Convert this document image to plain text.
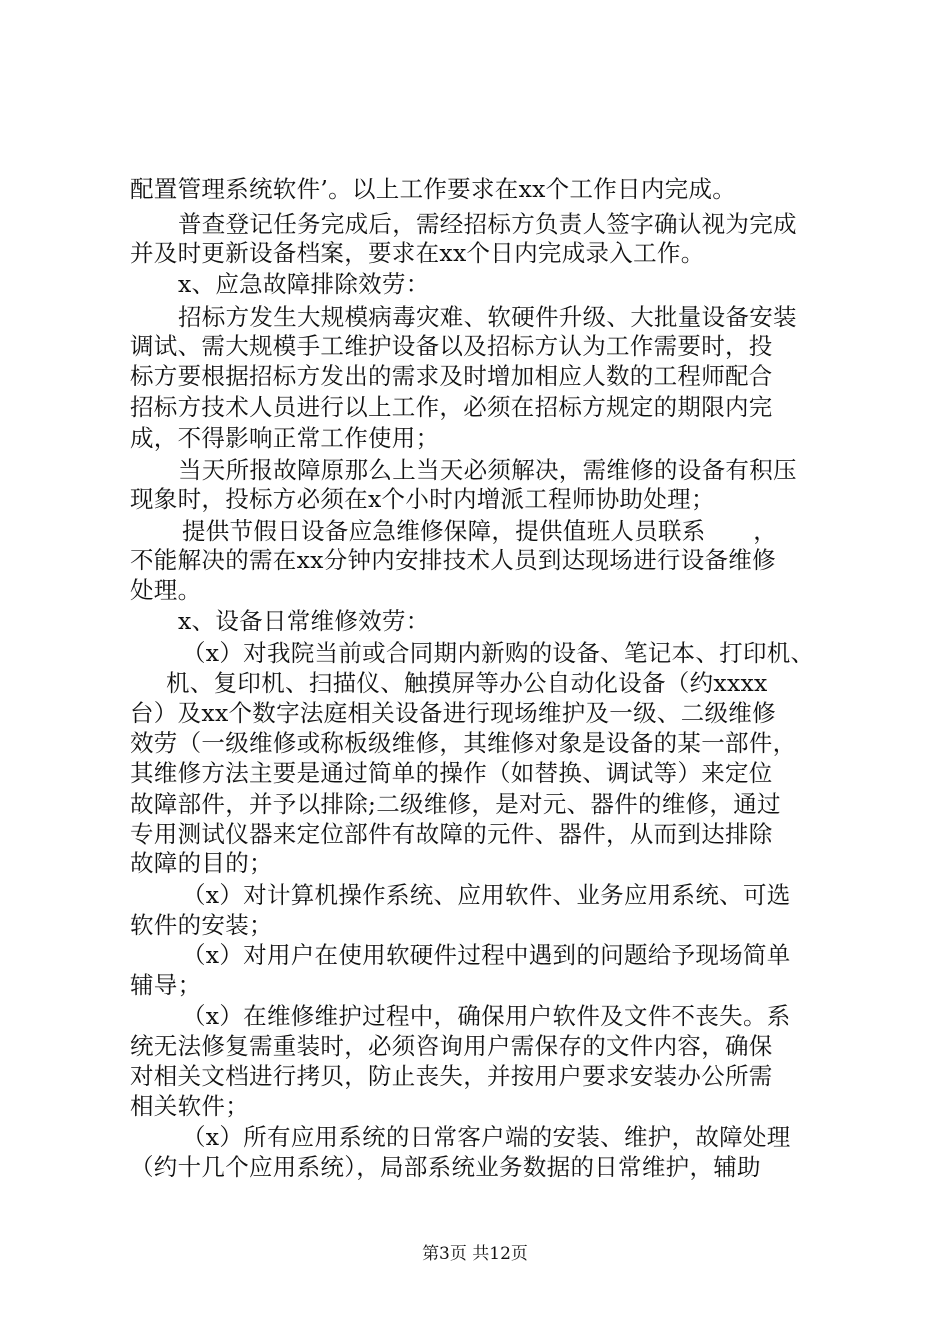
配置管理系统软件’。以上工作要求在xx个工作日内完成。
普查登记任务完成后，需经招标方负责人签字确认视为完成
并及时更新设备档案，要求在xx个日内完成录入工作。
x、应急故障排除效劳：
招标方发生大规模病毒灾难、软硬件升级、大批量设备安装
调试、需大规模手工维护设备以及招标方认为工作需要时，投
标方要根据招标方发出的需求及时增加相应人数的工程师配合
招标方技术人员进行以上工作，必须在招标方规定的期限内完
成，不得影响正常工作使用；
当天所报故障原那么上当天必须解决，需维修的设备有积压
现象时，投标方必须在x个小时内增派工程师协助处理；
提供节假日设备应急维修保障，提供值班人员联系　　，
不能解决的需在xx分钟内安排技术人员到达现场进行设备维修
处理。
x、设备日常维修效劳：
（x）对我院当前或合同期内新购的设备、笔记本、打印机、
机、复印机、扫描仪、触摸屏等办公自动化设备（约xxxx
台）及xx个数字法庭相关设备进行现场维护及一级、二级维修
效劳（一级维修或称板级维修，其维修对象是设备的某一部件，
其维修方法主要是通过简单的操作（如替换、调试等）来定位
故障部件，并予以排除;二级维修，是对元、器件的维修，通过
专用测试仪器来定位部件有故障的元件、器件，从而到达排除
故障的目的；
（x）对计算机操作系统、应用软件、业务应用系统、可选
软件的安装；
（x）对用户在使用软硬件过程中遇到的问题给予现场简单
辅导；
（x）在维修维护过程中，确保用户软件及文件不丧失。系
统无法修复需重装时，必须咨询用户需保存的文件内容，确保
对相关文档进行拷贝，防止丧失，并按用户要求安装办公所需
相关软件；
（x）所有应用系统的日常客户端的安装、维护，故障处理
（约十几个应用系统），局部系统业务数据的日常维护，辅助
第3页 共12页
